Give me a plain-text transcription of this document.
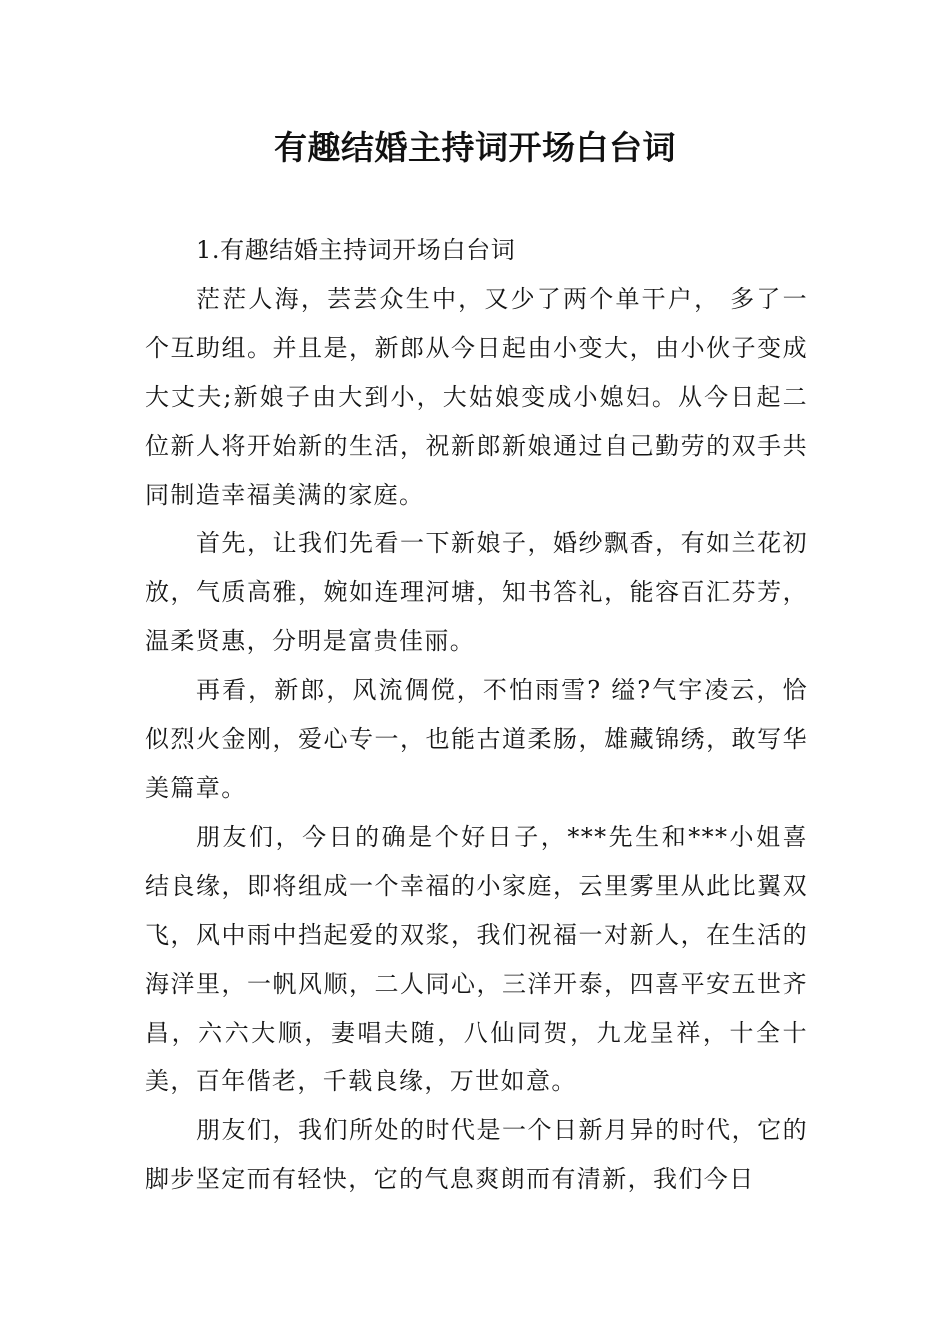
有趣结婚主持词开场白台词

1.有趣结婚主持词开场白台词

茫茫人海，芸芸众生中，又少了两个单干户， 多了一个互助组。并且是，新郎从今日起由小变大，由小伙子变成大丈夫;新娘子由大到小，大姑娘变成小媳妇。从今日起二位新人将开始新的生活，祝新郎新娘通过自己勤劳的双手共同制造幸福美满的家庭。

首先，让我们先看一下新娘子，婚纱飘香，有如兰花初放，气质高雅，婉如连理河塘，知书答礼，能容百汇芬芳，温柔贤惠，分明是富贵佳丽。

再看，新郎，风流倜傥，不怕雨雪? 缢?气宇凌云，恰似烈火金刚，爱心专一，也能古道柔肠，雄藏锦绣，敢写华美篇章。

朋友们，今日的确是个好日子，***先生和***小姐喜结良缘，即将组成一个幸福的小家庭，云里雾里从此比翼双飞，风中雨中挡起爱的双浆，我们祝福一对新人，在生活的海洋里，一帆风顺，二人同心，三洋开泰，四喜平安五世齐昌，六六大顺，妻唱夫随，八仙同贺，九龙呈祥，十全十美，百年偕老，千载良缘，万世如意。

朋友们，我们所处的时代是一个日新月异的时代，它的脚步坚定而有轻快，它的气息爽朗而有清新，我们今日
